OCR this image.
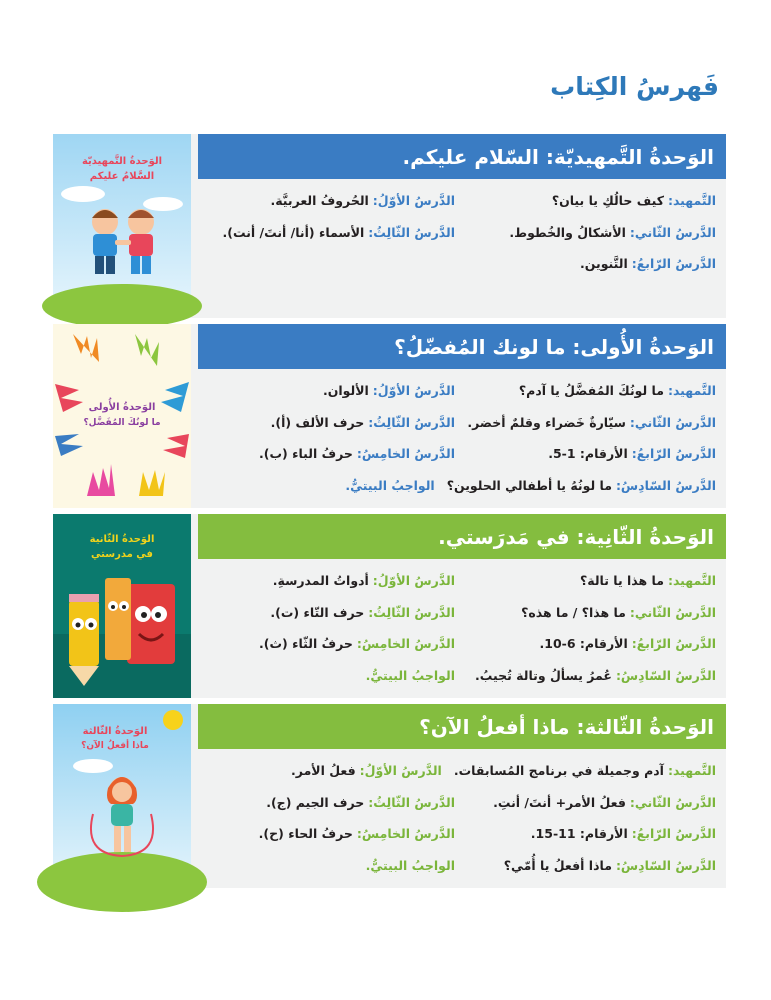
فَهرسُ الكِتاب
الوَحدةُ التَّمهيديّة
السَّلامُ عليكم
الوَحدةُ التَّمهيديّة: السّلام عليكم.
التَّمهيد: كيف حالُكِ يا بيان؟
الدَّرسُ الأوّلُ: الحُروفُ العربيَّة.
الدَّرسُ الثّاني: الأشكالُ والخُطوط.
الدَّرسُ الثّالِثُ: الأسماء (أنا/ أنتَ/ أنت).
الدَّرسُ الرّابعُ: التَّنوين.
الوَحدةُ الأُولى
ما لونُكَ المُفَضَّل؟
الوَحدةُ الأُولى: ما لونك المُفضّلُ؟
التَّمهيد: ما لونُكَ المُفضَّلُ يا آدم؟
الدَّرسُ الأوّلُ: الألوان.
الدَّرسُ الثّاني: سيّارةٌ خَضراء وقلمٌ أخضر.
الدَّرسُ الثّالِثُ: حرف الألف (أ).
الدَّرسُ الرّابعُ: الأرقام: 1-5.
الدَّرسُ الخامِسُ: حرفُ الباء (ب).
الدَّرسُ السّادِسُ: ما لونُهُ يا أطفالي الحلوين؟
الواجبُ البيتيُّ.
الوَحدةُ الثّانية
في مدرستي
الوَحدةُ الثّانِية: في مَدرَستي.
التَّمهيد: ما هذا يا تالة؟
الدَّرسُ الأوّلُ: أدواتُ المدرسةِ.
الدَّرسُ الثّاني: ما هذا؟ / ما هذه؟
الدَّرسُ الثّالِثُ: حرف التّاء (ت).
الدَّرسُ الرّابعُ: الأرقام: 6-10.
الدَّرسُ الخامِسُ: حرفُ الثّاء (ث).
الدَّرسُ السّادِسُ: عُمرُ يسألُ وتالة تُجيبُ.
الواجبُ البيتيُّ.
الوَحدةُ الثّالثة
ماذا أفعلُ الآن؟
الوَحدةُ الثّالثة: ماذا أفعلُ الآن؟
التَّمهيد: آدم وجميلة في برنامج المُسابقات.
الدَّرسُ الأوّلُ: فعلُ الأمر.
الدَّرسُ الثّاني: فعلُ الأمر+ أنتَ/ أنتِ.
الدَّرسُ الثّالِثُ: حرف الجيم (ج).
الدَّرسُ الرّابعُ: الأرقام: 11-15.
الدَّرسُ الخامِسُ: حرفُ الحاء (ح).
الدَّرسُ السّادِسُ: ماذا أفعلُ يا أُمّي؟
الواجبُ البيتيُّ.
